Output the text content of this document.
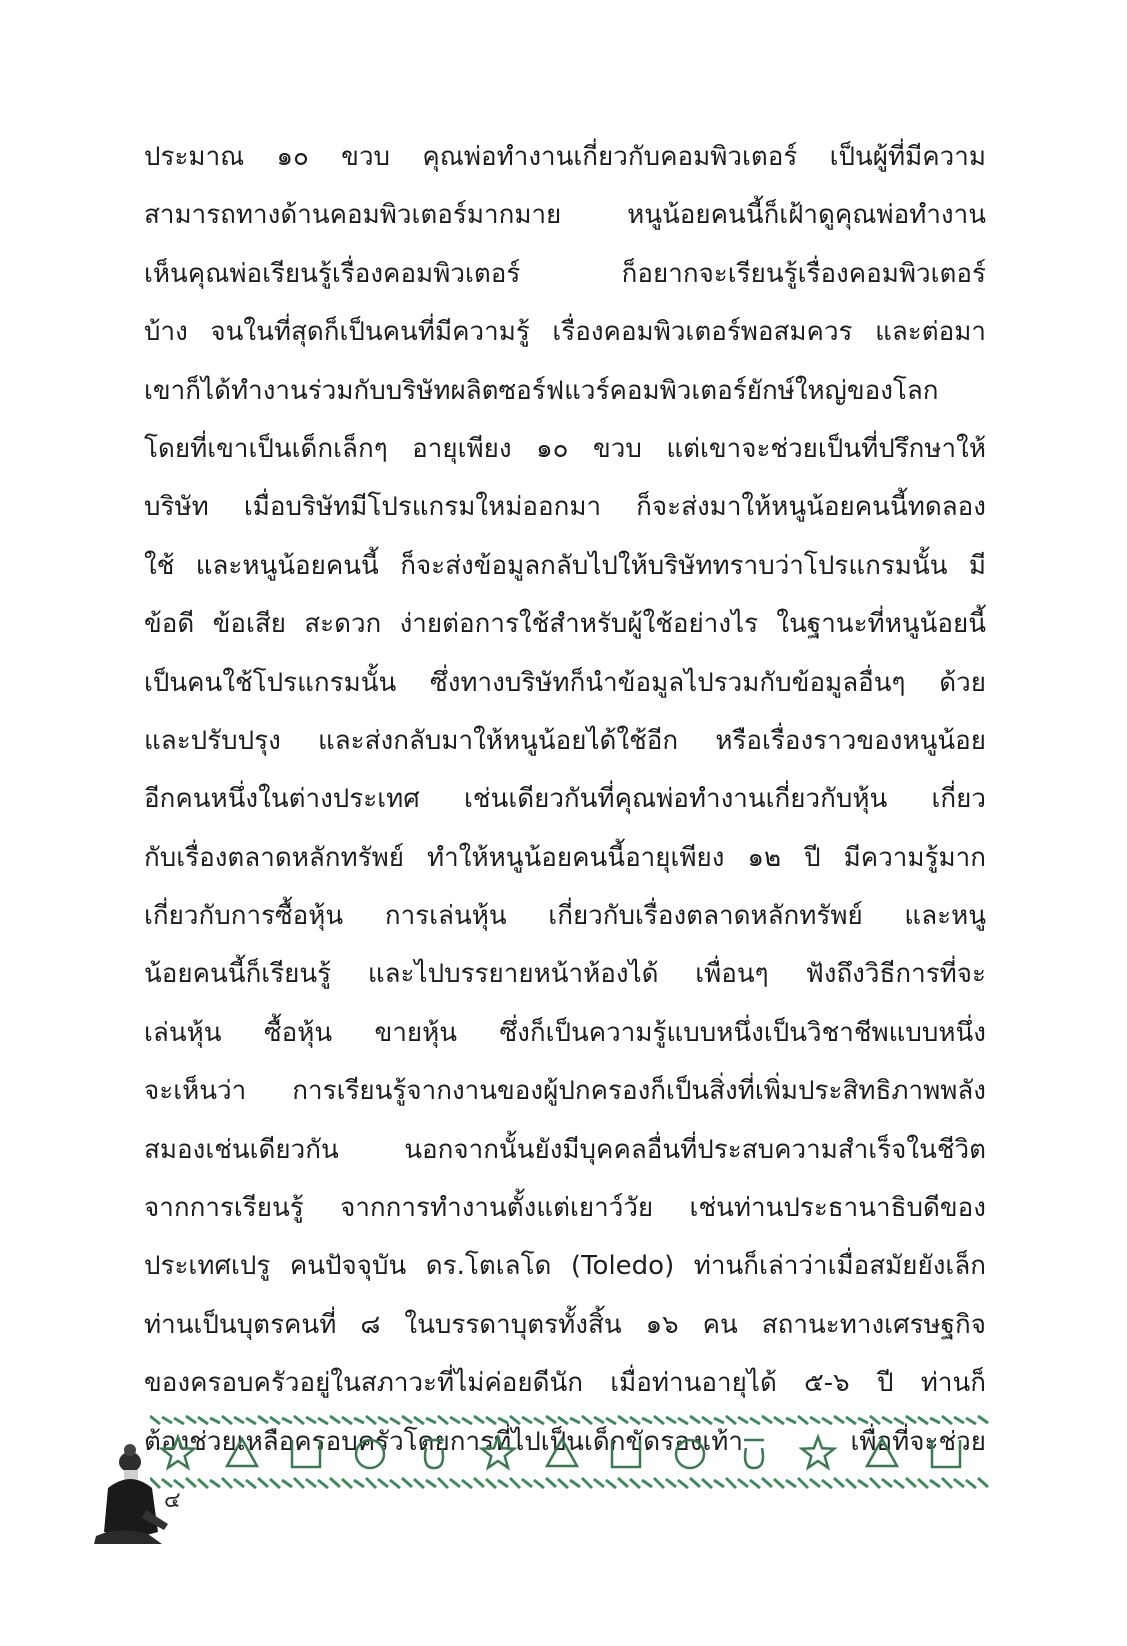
ประมาณ ๑๐ ขวบ คุณพ่อทำงานเกี่ยวกับคอมพิวเตอร์ เป็นผู้ที่มีความ
สามารถทางด้านคอมพิวเตอร์มากมาย หนูน้อยคนนี้ก็เฝ้าดูคุณพ่อทำงาน
เห็นคุณพ่อเรียนรู้เรื่องคอมพิวเตอร์ ก็อยากจะเรียนรู้เรื่องคอมพิวเตอร์
บ้าง จนในที่สุดก็เป็นคนที่มีความรู้ เรื่องคอมพิวเตอร์พอสมควร และต่อมา
เขาก็ได้ทำงานร่วมกับบริษัทผลิตซอร์ฟแวร์คอมพิวเตอร์ยักษ์ใหญ่ของโลก
โดยที่เขาเป็นเด็กเล็กๆ อายุเพียง ๑๐ ขวบ แต่เขาจะช่วยเป็นที่ปรึกษาให้
บริษัท เมื่อบริษัทมีโปรแกรมใหม่ออกมา ก็จะส่งมาให้หนูน้อยคนนี้ทดลอง
ใช้ และหนูน้อยคนนี้ ก็จะส่งข้อมูลกลับไปให้บริษัททราบว่าโปรแกรมนั้น มี
ข้อดี ข้อเสีย สะดวก ง่ายต่อการใช้สำหรับผู้ใช้อย่างไร ในฐานะที่หนูน้อยนี้
เป็นคนใช้โปรแกรมนั้น ซึ่งทางบริษัทก็นำข้อมูลไปรวมกับข้อมูลอื่นๆ ด้วย
และปรับปรุง และส่งกลับมาให้หนูน้อยได้ใช้อีก หรือเรื่องราวของหนูน้อย
อีกคนหนึ่งในต่างประเทศ เช่นเดียวกันที่คุณพ่อทำงานเกี่ยวกับหุ้น เกี่ยว
กับเรื่องตลาดหลักทรัพย์ ทำให้หนูน้อยคนนี้อายุเพียง ๑๒ ปี มีความรู้มาก
เกี่ยวกับการซื้อหุ้น การเล่นหุ้น เกี่ยวกับเรื่องตลาดหลักทรัพย์ และหนู
น้อยคนนี้ก็เรียนรู้ และไปบรรยายหน้าห้องได้ เพื่อนๆ ฟังถึงวิธีการที่จะ
เล่นหุ้น ซื้อหุ้น ขายหุ้น ซึ่งก็เป็นความรู้แบบหนึ่งเป็นวิชาชีพแบบหนึ่ง
จะเห็นว่า การเรียนรู้จากงานของผู้ปกครองก็เป็นสิ่งที่เพิ่มประสิทธิภาพพลัง
สมองเช่นเดียวกัน นอกจากนั้นยังมีบุคคลอื่นที่ประสบความสำเร็จในชีวิต
จากการเรียนรู้ จากการทำงานตั้งแต่เยาว์วัย เช่นท่านประธานาธิบดีของ
ประเทศเปรู คนปัจจุบัน ดร.โตเลโด (Toledo) ท่านก็เล่าว่าเมื่อสมัยยังเล็ก
ท่านเป็นบุตรคนที่ ๘ ในบรรดาบุตรทั้งสิ้น ๑๖ คน สถานะทางเศรษฐกิจ
ของครอบครัวอยู่ในสภาวะที่ไม่ค่อยดีนัก เมื่อท่านอายุได้ ๕-๖ ปี ท่านก็
ต้องช่วยเหลือครอบครัวโดยการที่ไปเป็นเด็กขัดรองเท้า เพื่อที่จะช่วย
๔
